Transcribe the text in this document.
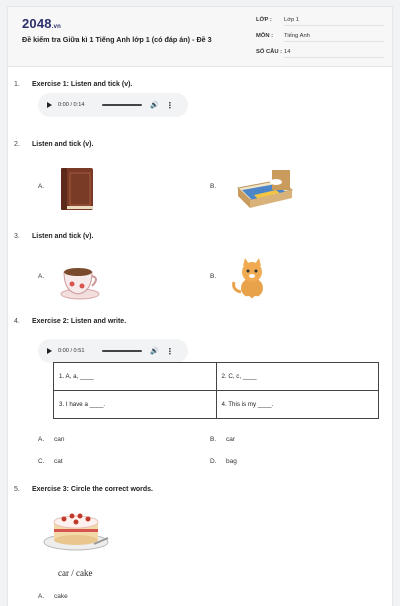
2048.vn
Đề kiểm tra Giữa kì 1 Tiếng Anh lớp 1 (có đáp án) - Đề 3
LỚP : Lớp 1
MÔN : Tiếng Anh
SỐ CÂU : 14
1. Exercise 1: Listen and tick (v).
0:00 / 0:14	🔊 ⋮
2. Listen and tick (v).
A.	B.
3. Listen and tick (v).
A.	B.
4. Exercise 2: Listen and write.
0:00 / 0:51	🔊 ⋮
1. A, a, ____	2. C, c, ____
3. I have a ____.	4. This is my ____.
A. can	B. car
C. cat	D. bag
5. Exercise 3: Circle the correct words.
car / cake
A. cake
